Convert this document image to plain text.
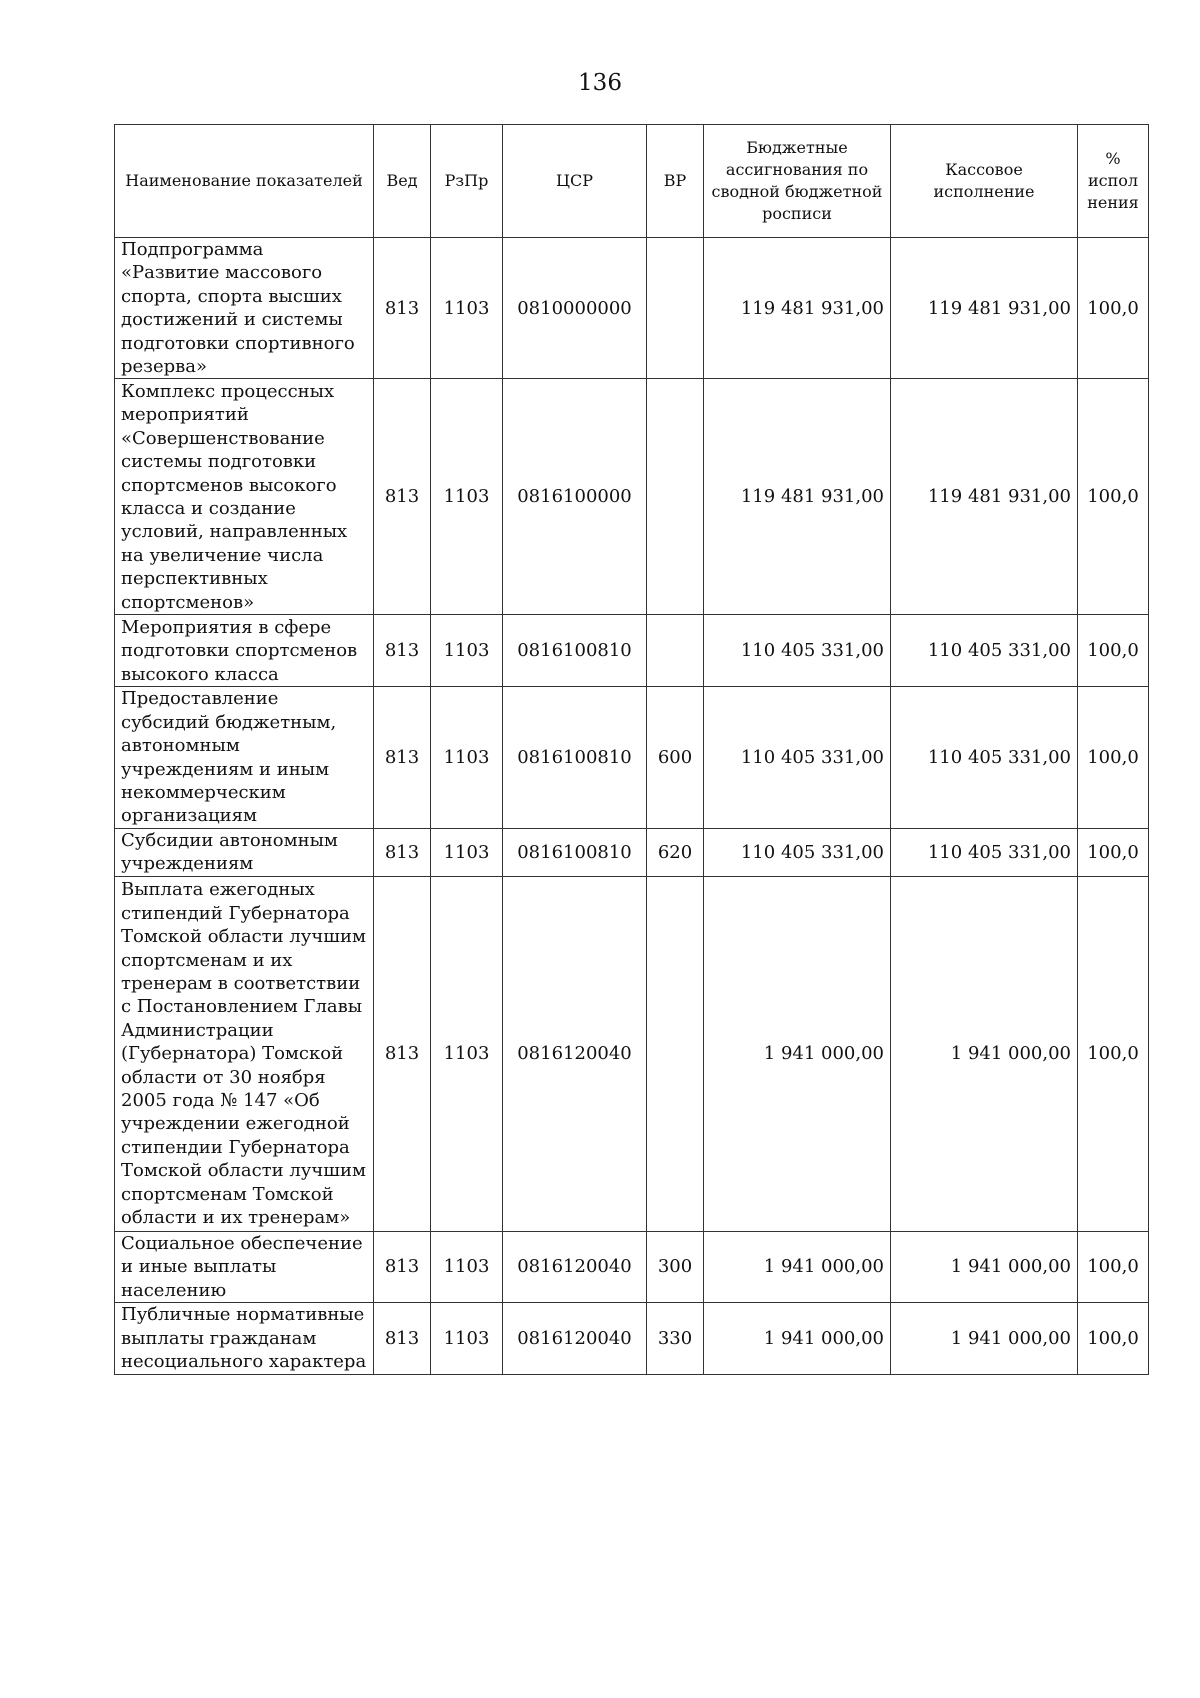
136
Наименование показателей	Вед	РзПр	ЦСР	ВР	Бюджетные ассигнования по сводной бюджетной росписи	Кассовое исполнение	% испол нения
Подпрограмма «Развитие массового спорта, спорта высших достижений и системы подготовки спортивного резерва»	813	1103	0810000000		119 481 931,00	119 481 931,00	100,0
Комплекс процессных мероприятий «Совершенствование системы подготовки спортсменов высокого класса и создание условий, направленных на увеличение числа перспективных спортсменов»	813	1103	0816100000		119 481 931,00	119 481 931,00	100,0
Мероприятия в сфере подготовки спортсменов высокого класса	813	1103	0816100810		110 405 331,00	110 405 331,00	100,0
Предоставление субсидий бюджетным, автономным учреждениям и иным некоммерческим организациям	813	1103	0816100810	600	110 405 331,00	110 405 331,00	100,0
Субсидии автономным учреждениям	813	1103	0816100810	620	110 405 331,00	110 405 331,00	100,0
Выплата ежегодных стипендий Губернатора Томской области лучшим спортсменам и их тренерам в соответствии с Постановлением Главы Администрации (Губернатора) Томской области от 30 ноября 2005 года № 147 «Об учреждении ежегодной стипендии Губернатора Томской области лучшим спортсменам Томской области и их тренерам»	813	1103	0816120040		1 941 000,00	1 941 000,00	100,0
Социальное обеспечение и иные выплаты населению	813	1103	0816120040	300	1 941 000,00	1 941 000,00	100,0
Публичные нормативные выплаты гражданам несоциального характера	813	1103	0816120040	330	1 941 000,00	1 941 000,00	100,0
